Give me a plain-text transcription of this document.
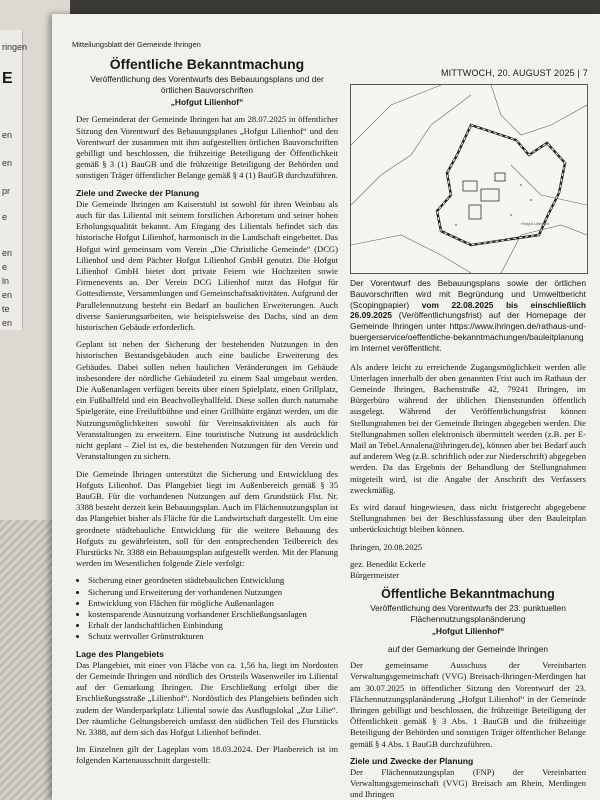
ringen
E
en
en
pr
e
en
e
ln
en
te
en
Mitteilungsblatt der Gemeinde Ihringen
MITTWOCH, 20. AUGUST 2025 | 7
Öffentliche Bekanntmachung

Veröffentlichung des Vorentwurfs des Bebauungsplans und der örtlichen Bauvorschriften

„Hofgut Lilienhof“

Der Gemeinderat der Gemeinde Ihringen hat am 28.07.2025 in öffentlicher Sitzung den Vorentwurf des Bebauungsplanes „Hofgut Lilienhof“ und den Vorentwurf der zusammen mit ihm aufgestellten örtlichen Bauvorschriften gebilligt und beschlossen, die frühzeitige Beteiligung der Öffentlichkeit gemäß § 3 (1) BauGB und die frühzeitige Beteiligung der Behörden und sonstigen Träger öffentlicher Belange gemäß § 4 (1) BauGB durchzuführen.

Ziele und Zwecke der Planung

Die Gemeinde Ihringen am Kaiserstuhl ist sowohl für ihren Weinbau als auch für das Liliental mit seinem forstlichen Arboretum und seiner hohen Erholungsqualität bekannt. Am Eingang des Lilientals befindet sich das historische Hofgut Lilienhof, harmonisch in die Landschaft eingebettet. Das Hofgut wird gemeinsam vom Verein „Die Christliche Gemeinde“ (DCG) Lilienhof und dem Pächter Hofgut Lilienhof GmbH genutzt. Die Hofgut Lilienhof GmbH bietet dort private Feiern wie Hochzeiten sowie Firmenevents an. Der Verein DCG Lilienhof nutzt das Hofgut für Gottesdienste, Versammlungen und Gemeinschaftsaktivitäten. Aufgrund der Parallelennutzung besteht ein Bedarf an baulichen Erweiterungen. Auch diverse Sanierungsarbeiten, wie beispielsweise des Dachs, sind an dem historischen Gebäude erforderlich.

Geplant ist neben der Sicherung der bestehenden Nutzungen in den historischen Bestandsgebäuden auch eine bauliche Erweiterung des Gebäudes. Dabei sollen neben baulichen Veränderungen im Gebäude insbesondere der nördliche Gebäudeteil zu einem Saal umgebaut werden. Die Außenanlagen verfügen bereits über einen Spielplatz, einen Grillplatz, ein Fußballfeld und ein Beachvolleyballfeld. Diese sollen durch naturnahe Spielgeräte, eine Freiluftbühne und einer Grillhütte ergänzt werden, um die Nutzungsmöglichkeiten sowohl für Vereinsaktivitäten als auch für Veranstaltungen zu erweitern. Eine touristische Nutzung ist ausdrücklich nicht geplant – Ziel ist es, die bestehenden Nutzungen für den Verein und Veranstaltungen zu sichern.

Die Gemeinde Ihringen unterstützt die Sicherung und Entwicklung des Hofguts Lilienhof. Das Plangebiet liegt im Außenbereich gemäß § 35 BauGB. Für die vorhandenen Nutzungen auf dem Grundstück Flst. Nr. 3388 besteht derzeit kein Bebauungsplan. Auch im Flächennutzungsplan ist das Plangebiet bisher als Fläche für die Landwirtschaft dargestellt. Um eine geordnete städtebauliche Entwicklung für die weitere Bebauung des Hofguts zu gewährleisten, soll für den entsprechenden Teilbereich des Flurstücks Nr. 3388 ein Bebauungsplan aufgestellt werden. Mit der Planung werden im Wesentlichen folgende Ziele verfolgt:

• Sicherung einer geordneten städtebaulichen Entwicklung
• Sicherung und Erweiterung der vorhandenen Nutzungen
• Entwicklung von Flächen für mögliche Außenanlagen
• kostensparende Ausnutzung vorhandener Erschließungsanlagen
• Erhalt der landschaftlichen Einbindung
• Schutz wertvoller Grünstrukturen
Lage des Plangebiets

Das Plangebiet, mit einer von Fläche von ca. 1,56 ha, liegt im Nordosten der Gemeinde Ihringen und nördlich des Ortsteils Wasenweiler im Liliental auf der Gemarkung Ihringen. Die Erschließung erfolgt über die Erschließungsstraße „Lilienhof“. Nordöstlich des Plangebiets befinden sich zudem der Wanderparkplatz Liliental sowie das Ausflugslokal „Zur Lilie“. Der räumliche Geltungsbereich umfasst den südlichen Teil des Flurstücks Nr. 3388, auf dem sich das Hofgut Lilienhof befindet.

Im Einzelnen gilt der Lageplan vom 18.03.2024. Der Planbereich ist im folgenden Kartenausschnitt dargestellt:

Hofgut Lilienhof

Der Vorentwurf des Bebauungsplans sowie der örtlichen Bauvorschriften wird mit Begründung und Umweltbericht (Scopingpapier) vom 22.08.2025 bis einschließlich 26.09.2025 (Veröffentlichungsfrist) auf der Homepage der Gemeinde Ihringen unter https://www.ihringen.de/rathaus-und-buergerservice/oeffentliche-bekanntmachungen/bauleitplanung im Internet veröffentlicht.

Als andere leicht zu erreichende Zugangsmöglichkeit werden alle Unterlagen innerhalb der oben genannten Frist auch im Rathaus der Gemeinde Ihringen, Bachenstraße 42, 79241 Ihringen, im Bürgerbüro während der üblichen Dienststunden öffentlich ausgelegt. Während der Veröffentlichungsfrist können Stellungnahmen bei der Gemeinde Ihringen abgegeben werden. Die Stellungnahmen sollen elektronisch übermittelt werden (z.B. per E-Mail an Tebel.Annalena@ihringen.de), können aber bei Bedarf auch auf anderem Weg (z.B. schriftlich oder zur Niederschrift) abgegeben werden. Da das Ergebnis der Behandlung der Stellungnahmen mitgeteilt wird, ist die Angabe der Anschrift des Verfassers zweckmäßig.

Es wird darauf hingewiesen, dass nicht fristgerecht abgegebene Stellungnahmen bei der Beschlussfassung über den Bauleitplan unberücksichtigt bleiben können.

Ihringen, 20.08.2025

gez. Benedikt Eckerle

Bürgermeister

Öffentliche Bekanntmachung

Veröffentlichung des Vorentwurfs der 23. punktuellen Flächennutzungsplanänderung

„Hofgut Lilienhof“

auf der Gemarkung der Gemeinde Ihringen

Der gemeinsame Ausschuss der Vereinbarten Verwaltungsgemeinschaft (VVG) Breisach-Ihringen-Merdingen hat am 30.07.2025 in öffentlicher Sitzung den Vorentwurf der 23. Flächennutzungsplanänderung „Hofgut Lilienhof“ in der Gemeinde Ihringen gebilligt und beschlossen, die frühzeitige Beteiligung der Öffentlichkeit gemäß § 3 Abs. 1 BauGB und die frühzeitige Beteiligung der Behörden und sonstigen Träger öffentlicher Belange gemäß § 4 Abs. 1 BauGB durchzuführen.

Ziele und Zwecke der Planung

Der Flächennutzungsplan (FNP) der Vereinbarten Verwaltungsgemeinschaft (VVG) Breisach am Rhein, Merdingen und Ihringen
